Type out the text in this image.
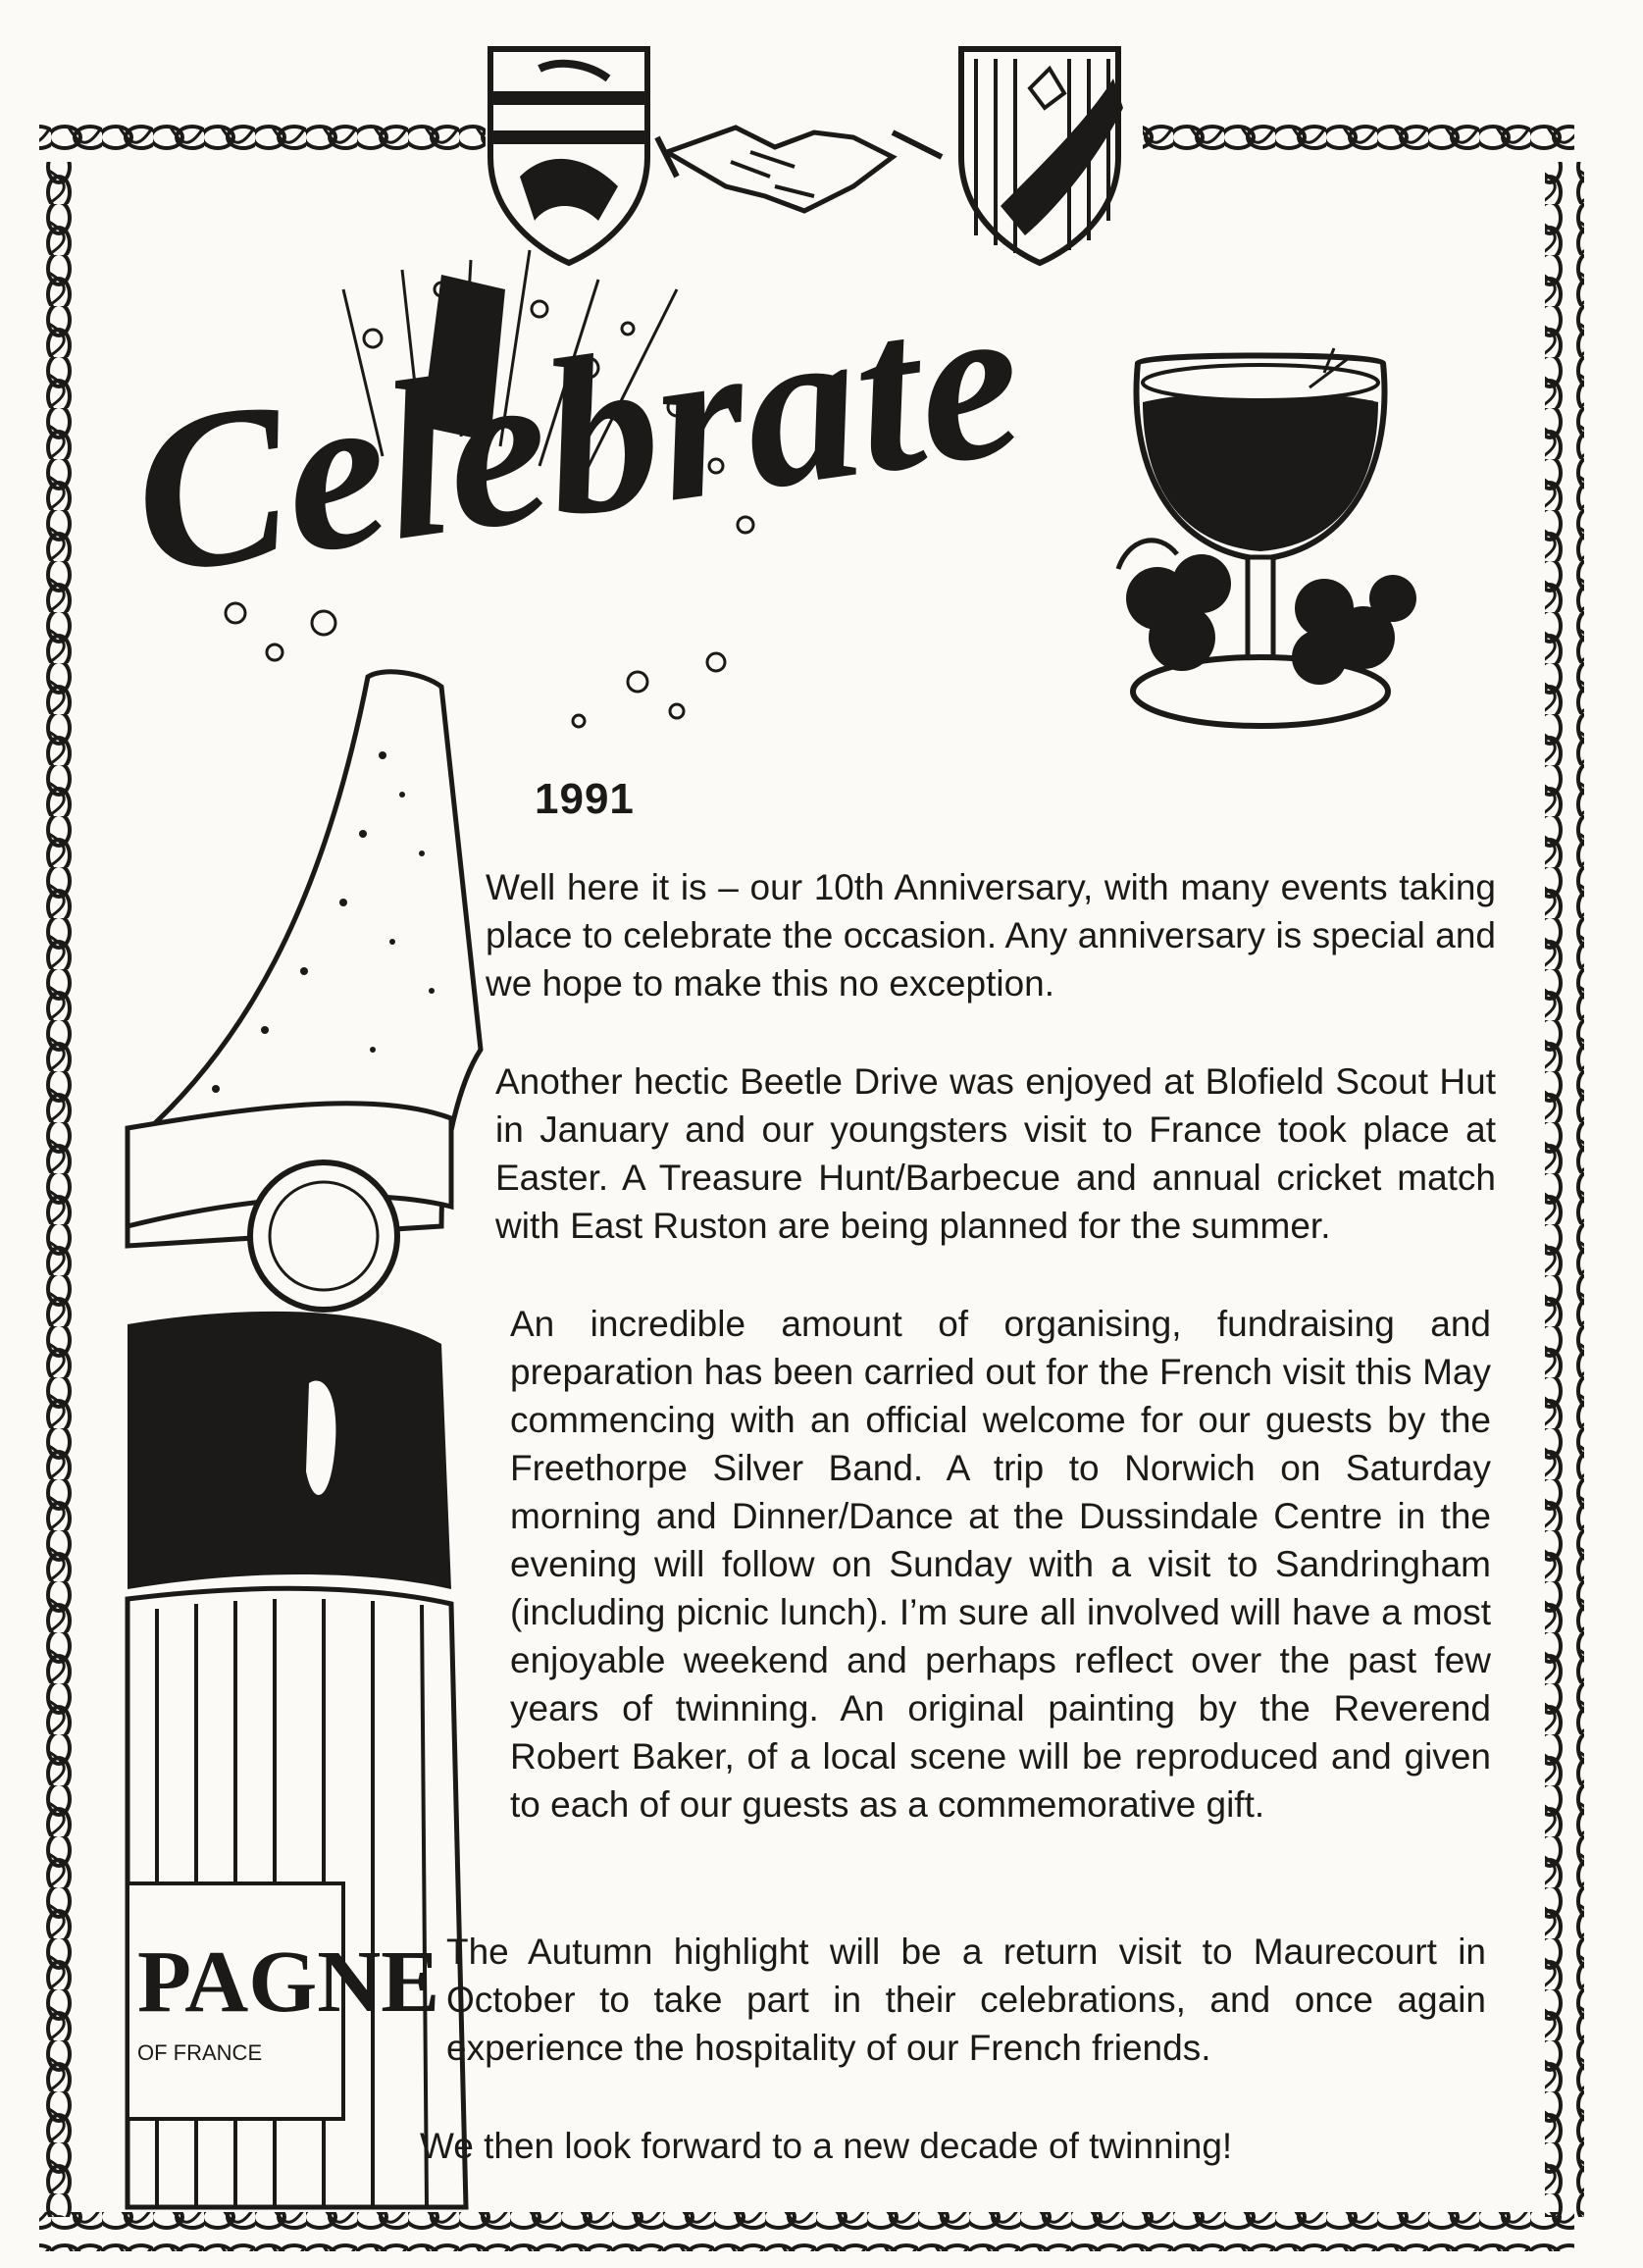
PAGNE
OF FRANCE
Celebrate
1991

Well here it is – our 10th Anniversary, with many events taking place to celebrate the occasion. Any anniversary is special and we hope to make this no exception.

Another hectic Beetle Drive was enjoyed at Blofield Scout Hut in January and our youngsters visit to France took place at Easter. A Treasure Hunt/Barbecue and annual cricket match with East Ruston are being planned for the summer.

An incredible amount of organising, fundraising and preparation has been carried out for the French visit this May commencing with an official welcome for our guests by the Freethorpe Silver Band. A trip to Norwich on Saturday morning and Dinner/Dance at the Dussindale Centre in the evening will follow on Sunday with a visit to Sandringham (including picnic lunch). I’m sure all involved will have a most enjoyable weekend and perhaps reflect over the past few years of twinning. An original painting by the Reverend Robert Baker, of a local scene will be reproduced and given to each of our guests as a commemorative gift.

The Autumn highlight will be a return visit to Maurecourt in October to take part in their celebrations, and once again experience the hospitality of our French friends.

We then look forward to a new decade of twinning!
